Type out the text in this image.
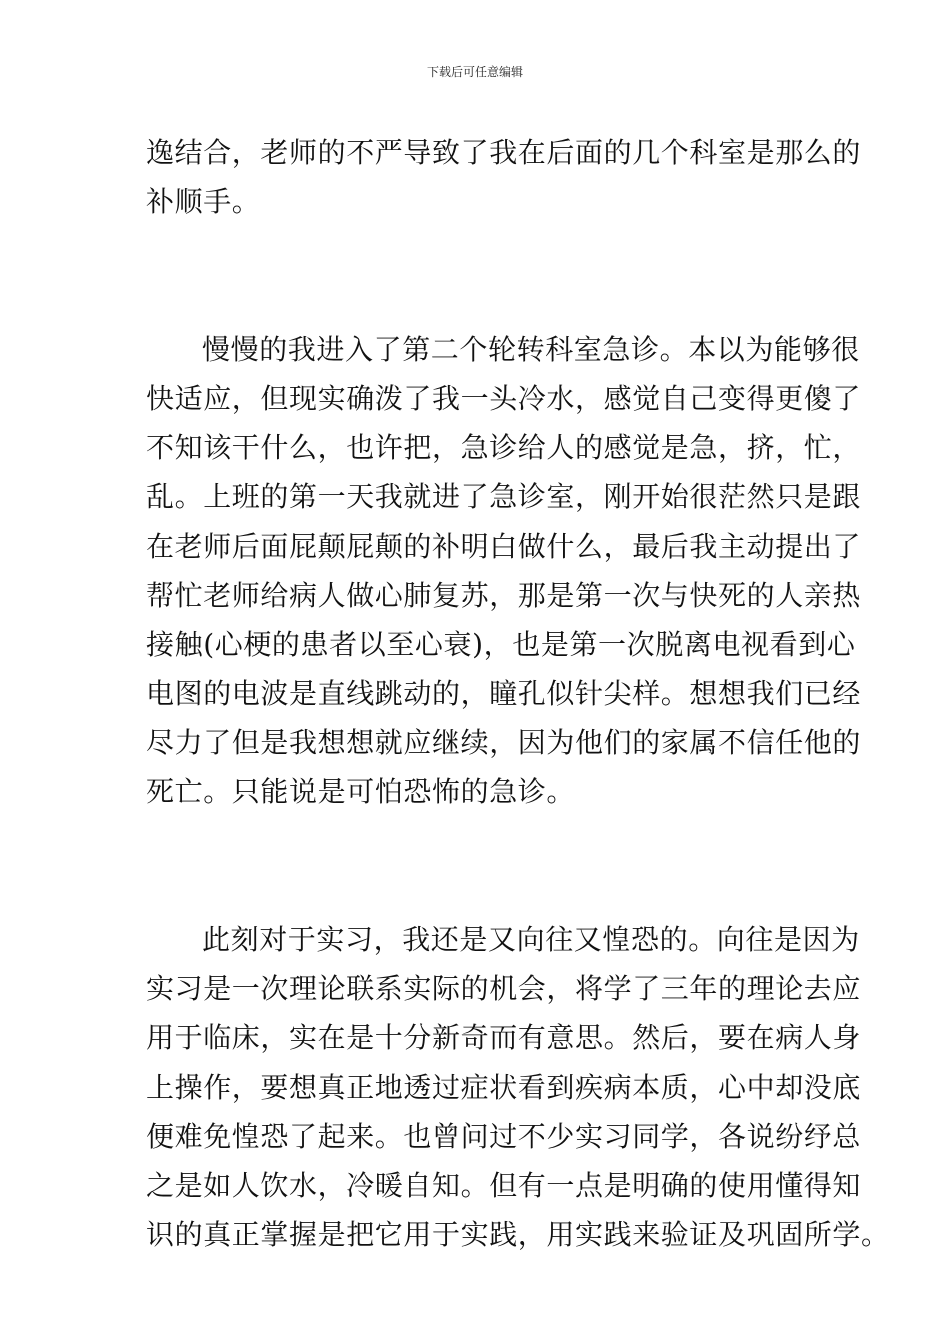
下载后可任意编辑
逸结合，老师的不严导致了我在后面的几个科室是那么的
补顺手。
慢慢的我进入了第二个轮转科室急诊。本以为能够很
快适应，但现实确泼了我一头冷水，感觉自己变得更傻了
不知该干什么，也许把，急诊给人的感觉是急，挤，忙，
乱。上班的第一天我就进了急诊室，刚开始很茫然只是跟
在老师后面屁颠屁颠的补明白做什么，最后我主动提出了
帮忙老师给病人做心肺复苏，那是第一次与快死的人亲热
接触(心梗的患者以至心衰)，也是第一次脱离电视看到心
电图的电波是直线跳动的，瞳孔似针尖样。想想我们已经
尽力了但是我想想就应继续，因为他们的家属不信任他的
死亡。只能说是可怕恐怖的急诊。
此刻对于实习，我还是又向往又惶恐的。向往是因为
实习是一次理论联系实际的机会，将学了三年的理论去应
用于临床，实在是十分新奇而有意思。然后，要在病人身
上操作，要想真正地透过症状看到疾病本质，心中却没底
便难免惶恐了起来。也曾问过不少实习同学，各说纷纾总
之是如人饮水，冷暖自知。但有一点是明确的使用懂得知
识的真正掌握是把它用于实践，用实践来验证及巩固所学。
